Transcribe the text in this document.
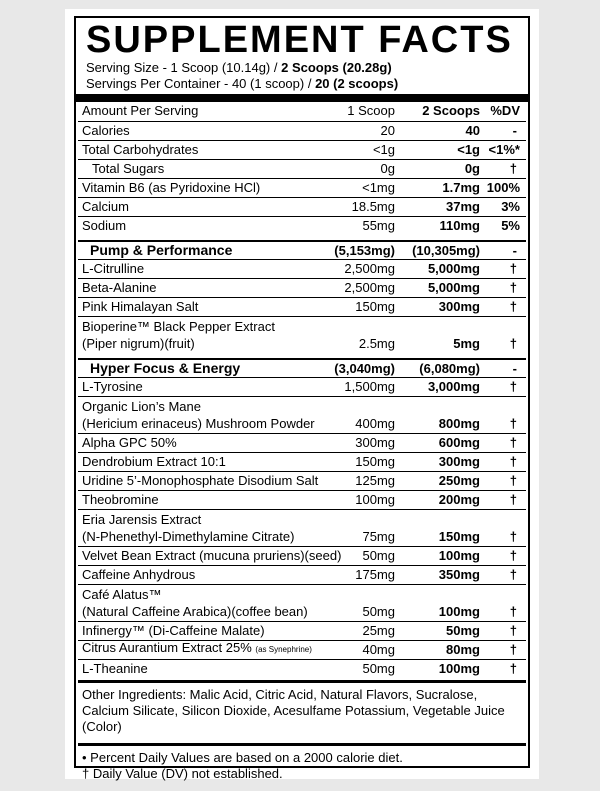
SUPPLEMENT FACTS
Serving Size - 1 Scoop (10.14g) / 2 Scoops (20.28g)
Servings Per Container - 40 (1 scoop) / 20 (2 scoops)
Amount Per Serving	1 Scoop 2 Scoops %DV
Calories	20	40	-
Total Carbohydrates	<1g	<1g <1%*
Total Sugars	0g	0g †
Vitamin B6 (as Pyridoxine HCl)	<1mg	1.7mg 100%
Calcium	18.5mg	37mg 3%
Sodium	55mg	110mg 5%
Pump & Performance	(5,153mg) (10,305mg)	-
L-Citrulline	2,500mg	5,000mg †
Beta-Alanine	2,500mg	5,000mg †
Pink Himalayan Salt	150mg	300mg †
Bioperine™ Black Pepper Extract
(Piper nigrum)(fruit)	2.5mg	5mg †
Hyper Focus & Energy	(3,040mg) (6,080mg)	-
L-Tyrosine	1,500mg	3,000mg †
Organic Lion’s Mane
(Hericium erinaceus) Mushroom Powder	400mg	800mg †
Alpha GPC 50%	300mg	600mg †
Dendrobium Extract 10:1	150mg	300mg †
Uridine 5’-Monophosphate Disodium Salt	125mg	250mg †
Theobromine	100mg	200mg †
Eria Jarensis Extract
(N-Phenethyl-Dimethylamine Citrate)	75mg	150mg †
Velvet Bean Extract (mucuna pruriens)(seed) 50mg	100mg †
Caffeine Anhydrous	175mg	350mg †
Café Alatus™
(Natural Caffeine Arabica)(coffee bean)	50mg	100mg †
Infinergy™ (Di-Caffeine Malate)	25mg	50mg †
Citrus Aurantium Extract 25% (as Synephrine)	40mg	80mg †
L-Theanine	50mg	100mg †
Other Ingredients: Malic Acid, Citric Acid, Natural Flavors, Sucralose, Calcium Silicate, Silicon Dioxide, Acesulfame Potassium, Vegetable Juice (Color)
• Percent Daily Values are based on a 2000 calorie diet.
† Daily Value (DV) not established.
